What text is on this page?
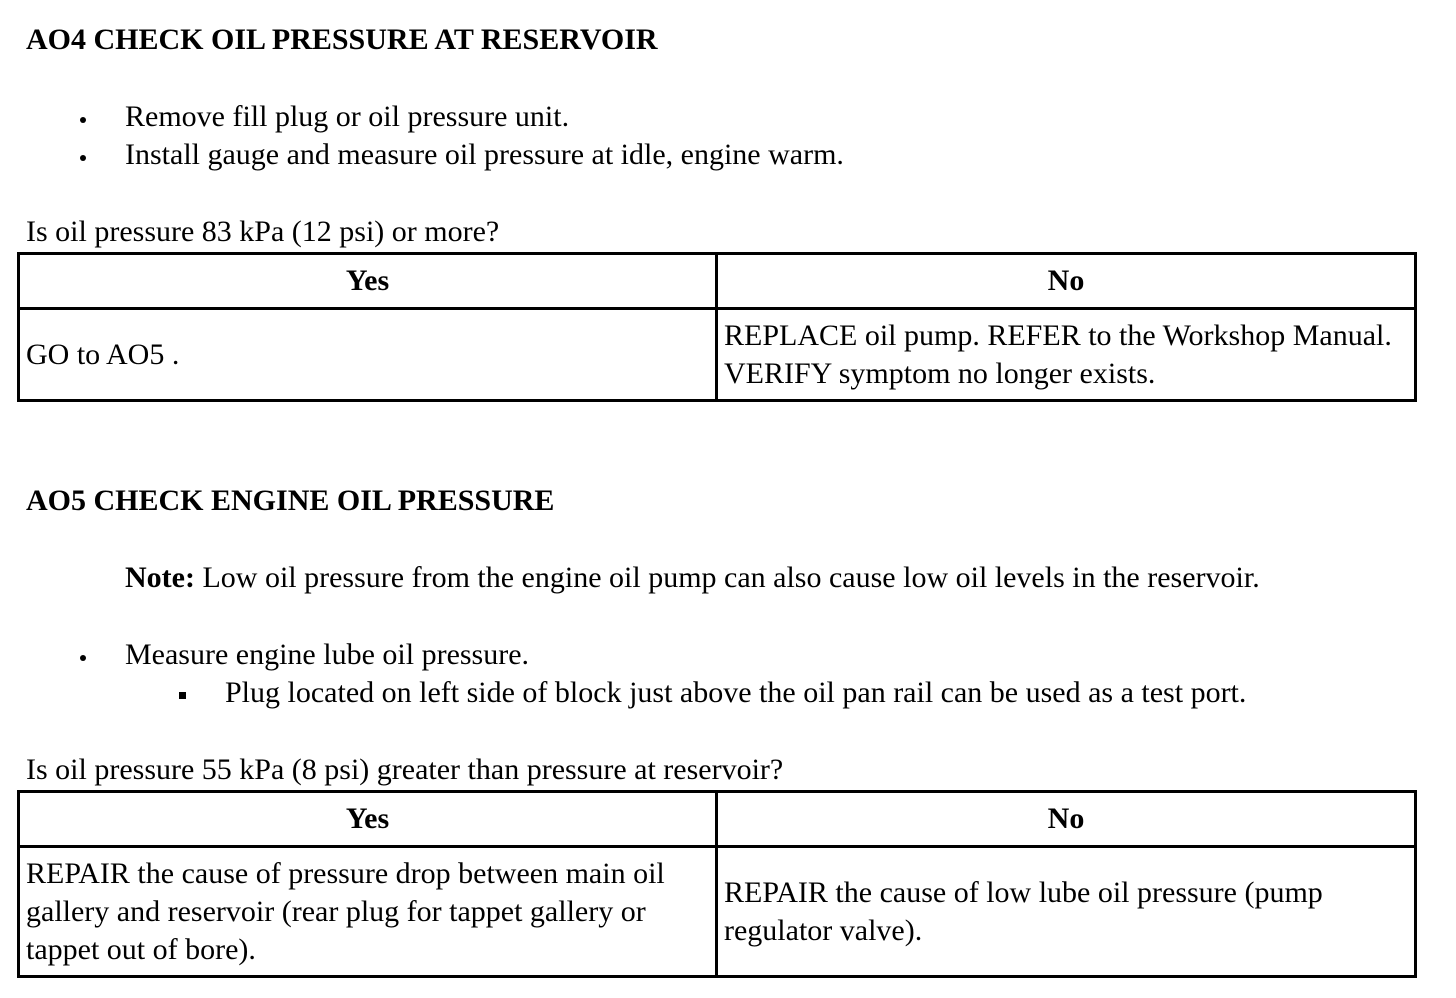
AO4 CHECK OIL PRESSURE AT RESERVOIR
Remove fill plug or oil pressure unit.
Install gauge and measure oil pressure at idle, engine warm.
Is oil pressure 83 kPa (12 psi) or more?
Yes	No
GO to AO5 .	REPLACE oil pump. REFER to the Workshop Manual. VERIFY symptom no longer exists.
AO5 CHECK ENGINE OIL PRESSURE
Note: Low oil pressure from the engine oil pump can also cause low oil levels in the reservoir.
Measure engine lube oil pressure.
Plug located on left side of block just above the oil pan rail can be used as a test port.
Is oil pressure 55 kPa (8 psi) greater than pressure at reservoir?
Yes	No
REPAIR the cause of pressure drop between main oil gallery and reservoir (rear plug for tappet gallery or tappet out of bore).	REPAIR the cause of low lube oil pressure (pump regulator valve).
